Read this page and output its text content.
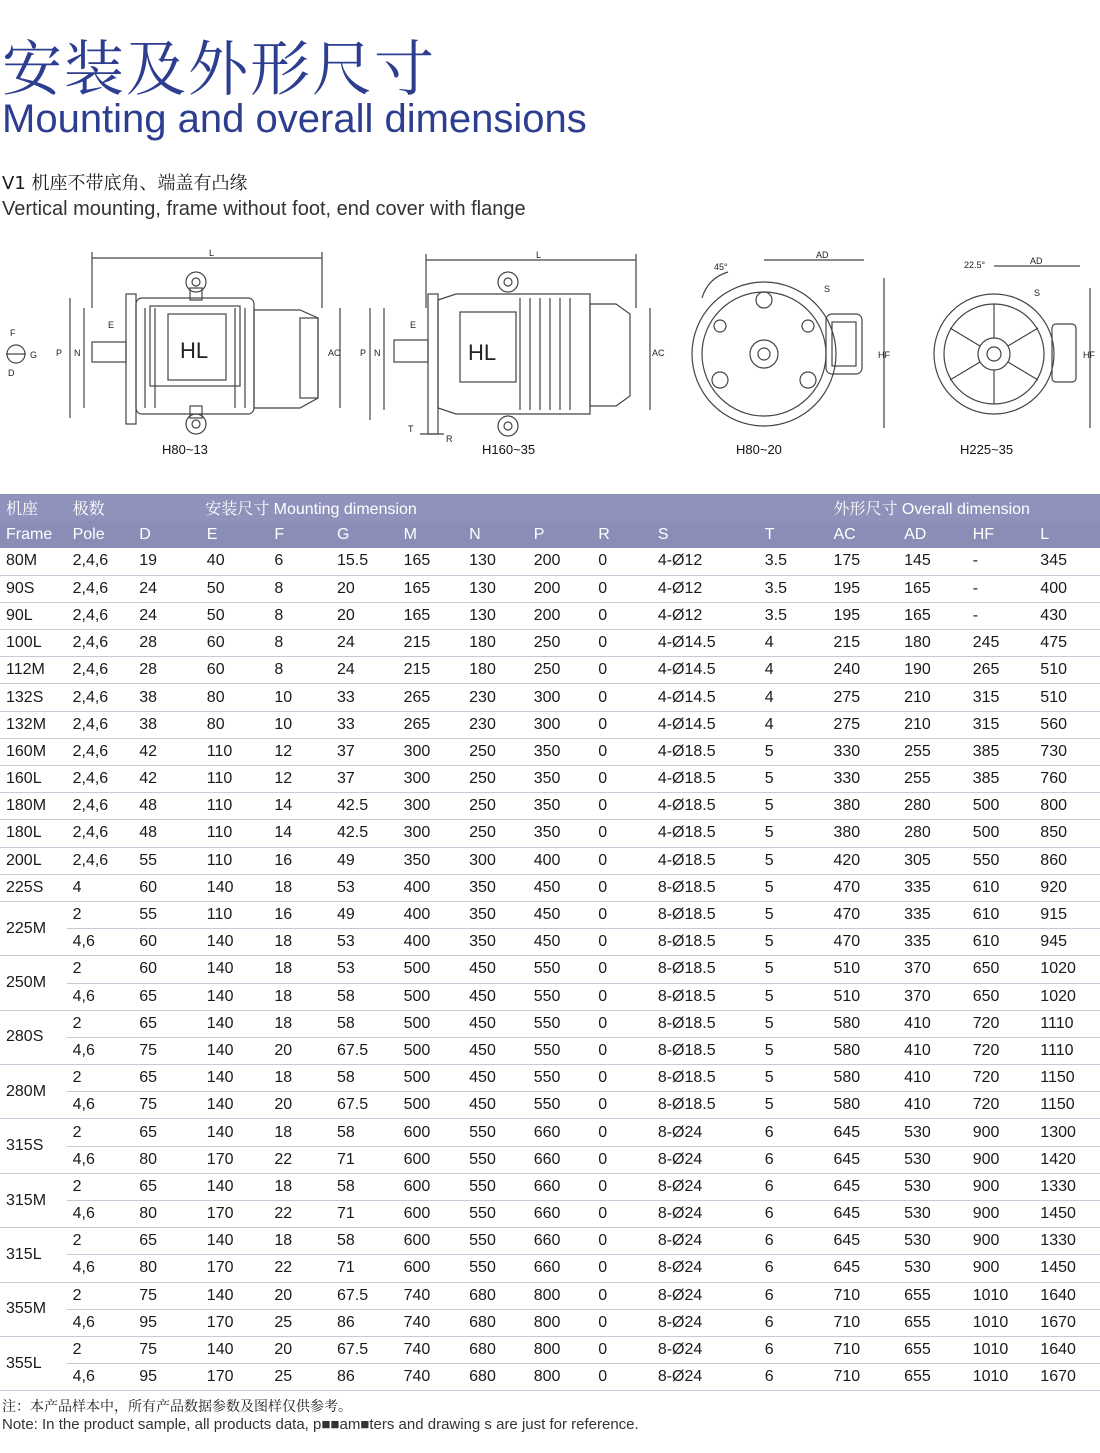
安装及外形尺寸
Mounting and overall dimensions
V1 机座不带底角、端盖有凸缘
Vertical mounting, frame without foot, end cover with flange
L
E
F
G
D
P N	AC
HL
L
E
P N	AC
T
R
HL
AD
S
45°
HF
AD
S
22.5°
HF
H80~13	H160~35	H80~20	H225~35
机座	极数	安装尺寸 Mounting dimension										外形尺寸 Overall dimension			
Frame	Pole	D	E	F	G	M	N	P	R	S	T	AC	AD	HF	L
80M	2,4,6	19	40	6	15.5	165	130	200	0	4-Ø12	3.5	175	145	-	345
90S	2,4,6	24	50	8	20	165	130	200	0	4-Ø12	3.5	195	165	-	400
90L	2,4,6	24	50	8	20	165	130	200	0	4-Ø12	3.5	195	165	-	430
100L	2,4,6	28	60	8	24	215	180	250	0	4-Ø14.5	4	215	180	245	475
112M	2,4,6	28	60	8	24	215	180	250	0	4-Ø14.5	4	240	190	265	510
132S	2,4,6	38	80	10	33	265	230	300	0	4-Ø14.5	4	275	210	315	510
132M	2,4,6	38	80	10	33	265	230	300	0	4-Ø14.5	4	275	210	315	560
160M	2,4,6	42	110	12	37	300	250	350	0	4-Ø18.5	5	330	255	385	730
160L	2,4,6	42	110	12	37	300	250	350	0	4-Ø18.5	5	330	255	385	760
180M	2,4,6	48	110	14	42.5	300	250	350	0	4-Ø18.5	5	380	280	500	800
180L	2,4,6	48	110	14	42.5	300	250	350	0	4-Ø18.5	5	380	280	500	850
200L	2,4,6	55	110	16	49	350	300	400	0	4-Ø18.5	5	420	305	550	860
225S	4	60	140	18	53	400	350	450	0	8-Ø18.5	5	470	335	610	920
225M	2	55	110	16	49	400	350	450	0	8-Ø18.5	5	470	335	610	915
	4,6	60	140	18	53	400	350	450	0	8-Ø18.5	5	470	335	610	945
250M	2	60	140	18	53	500	450	550	0	8-Ø18.5	5	510	370	650	1020
	4,6	65	140	18	58	500	450	550	0	8-Ø18.5	5	510	370	650	1020
280S	2	65	140	18	58	500	450	550	0	8-Ø18.5	5	580	410	720	1110
	4,6	75	140	20	67.5	500	450	550	0	8-Ø18.5	5	580	410	720	1110
280M	2	65	140	18	58	500	450	550	0	8-Ø18.5	5	580	410	720	1150
	4,6	75	140	20	67.5	500	450	550	0	8-Ø18.5	5	580	410	720	1150
315S	2	65	140	18	58	600	550	660	0	8-Ø24	6	645	530	900	1300
	4,6	80	170	22	71	600	550	660	0	8-Ø24	6	645	530	900	1420
315M	2	65	140	18	58	600	550	660	0	8-Ø24	6	645	530	900	1330
	4,6	80	170	22	71	600	550	660	0	8-Ø24	6	645	530	900	1450
315L	2	65	140	18	58	600	550	660	0	8-Ø24	6	645	530	900	1330
	4,6	80	170	22	71	600	550	660	0	8-Ø24	6	645	530	900	1450
355M	2	75	140	20	67.5	740	680	800	0	8-Ø24	6	710	655	1010	1640
	4,6	95	170	25	86	740	680	800	0	8-Ø24	6	710	655	1010	1670
355L	2	75	140	20	67.5	740	680	800	0	8-Ø24	6	710	655	1010	1640
	4,6	95	170	25	86	740	680	800	0	8-Ø24	6	710	655	1010	1670
注：本产品样本中，所有产品数据参数及图样仅供参考。
Note: In the product sample, all products data, p■■am■ters and drawing s are just for reference.
